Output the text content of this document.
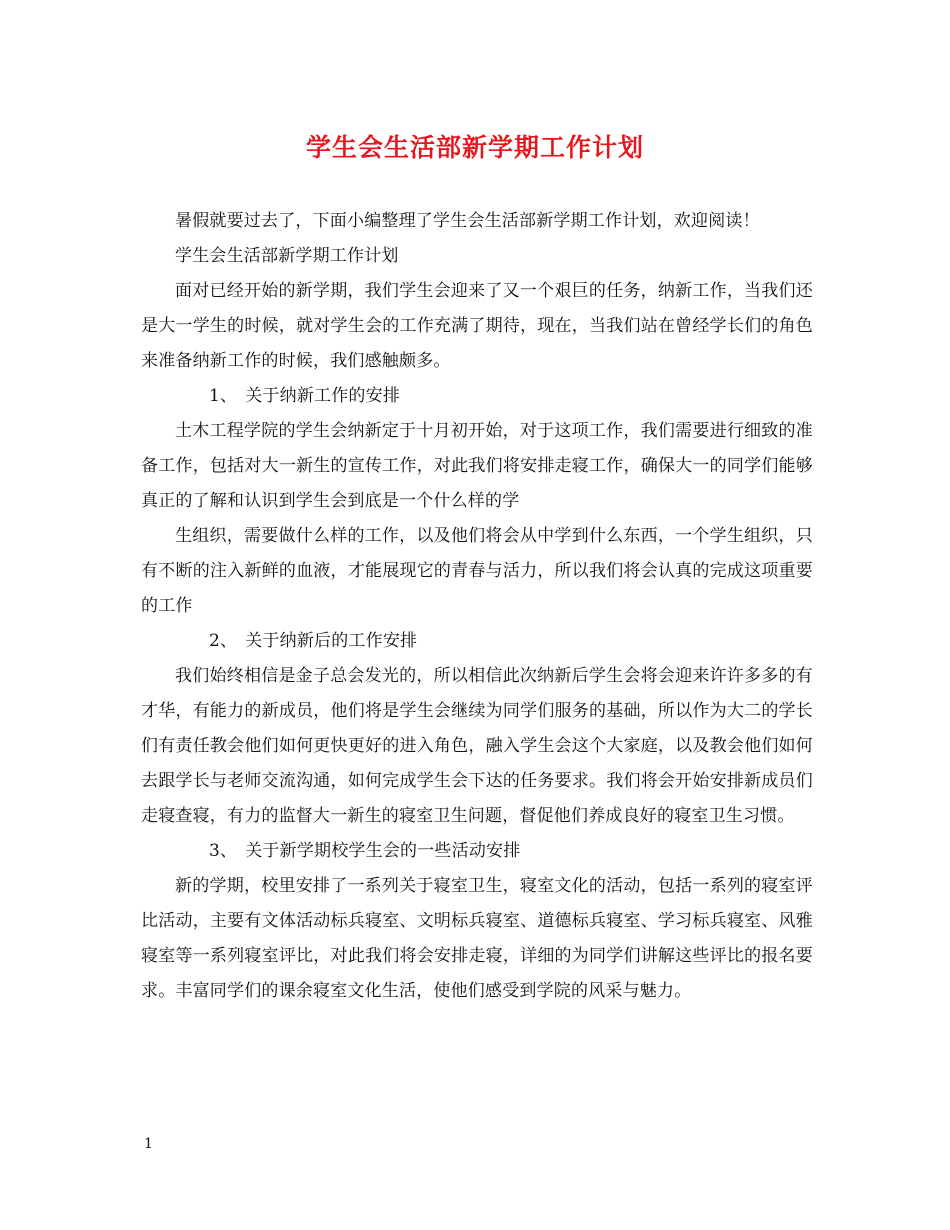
学生会生活部新学期工作计划

暑假就要过去了，下面小编整理了学生会生活部新学期工作计划，欢迎阅读！

学生会生活部新学期工作计划

面对已经开始的新学期，我们学生会迎来了又一个艰巨的任务，纳新工作，当我们还是大一学生的时候，就对学生会的工作充满了期待，现在，当我们站在曾经学长们的角色来准备纳新工作的时候，我们感触颇多。

1、 关于纳新工作的安排

土木工程学院的学生会纳新定于十月初开始，对于这项工作，我们需要进行细致的准备工作，包括对大一新生的宣传工作，对此我们将安排走寝工作，确保大一的同学们能够真正的了解和认识到学生会到底是一个什么样的学

生组织，需要做什么样的工作，以及他们将会从中学到什么东西，一个学生组织，只有不断的注入新鲜的血液，才能展现它的青春与活力，所以我们将会认真的完成这项重要的工作

2、 关于纳新后的工作安排

我们始终相信是金子总会发光的，所以相信此次纳新后学生会将会迎来许许多多的有才华，有能力的新成员，他们将是学生会继续为同学们服务的基础，所以作为大二的学长们有责任教会他们如何更快更好的进入角色，融入学生会这个大家庭，以及教会他们如何去跟学长与老师交流沟通，如何完成学生会下达的任务要求。我们将会开始安排新成员们走寝查寝，有力的监督大一新生的寝室卫生问题，督促他们养成良好的寝室卫生习惯。

3、 关于新学期校学生会的一些活动安排

新的学期，校里安排了一系列关于寝室卫生，寝室文化的活动，包括一系列的寝室评比活动，主要有文体活动标兵寝室、文明标兵寝室、道德标兵寝室、学习标兵寝室、风雅寝室等一系列寝室评比，对此我们将会安排走寝，详细的为同学们讲解这些评比的报名要求。丰富同学们的课余寝室文化生活，使他们感受到学院的风采与魅力。

1
